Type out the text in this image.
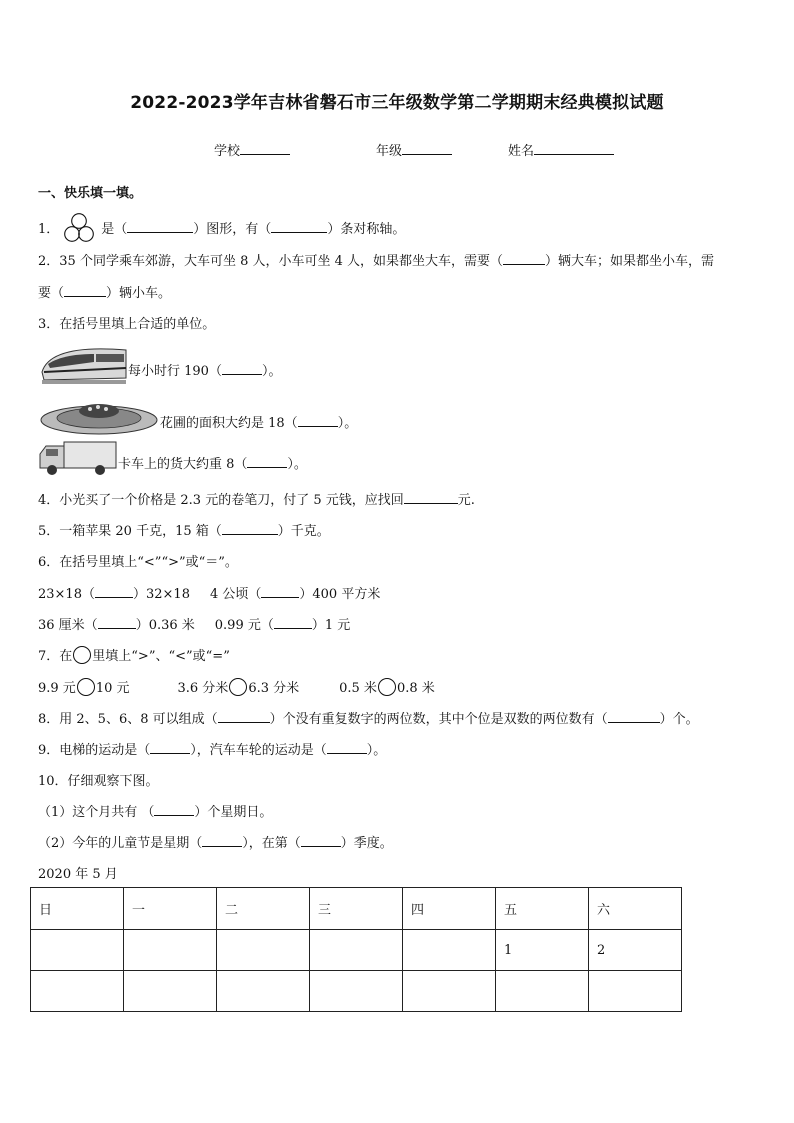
2022-2023学年吉林省磐石市三年级数学第二学期期末经典模拟试题
学校	年级	姓名
一、快乐填一填。
1．	是（	）图形，有（	）条对称轴。
2．35 个同学乘车郊游，大车可坐 8 人，小车可坐 4 人，如果都坐大车，需要（	）辆大车；如果都坐小车，需
要（	）辆小车。
3．在括号里填上合适的单位。
每小时行 190（	）。
花圃的面积大约是 18（	）。
卡车上的货大约重 8（	）。
4．小光买了一个价格是 2.3 元的卷笔刀，付了 5 元钱，应找回	元.
5．一箱苹果 20 千克，15 箱（	）千克。
6．在括号里填上“<”“>”或“＝”。
23×18（	）32×18 4 公顷（	）400 平方米
36 厘米（	）0.36 米 0.99 元（	）1 元
7．在 里填上“>”、“<”或“=”
9.9 元 10 元	3.6 分米 6.3 分米	0.5 米 0.8 米
8．用 2、5、6、8 可以组成（	）个没有重复数字的两位数，其中个位是双数的两位数有（	）个。
9．电梯的运动是（	），汽车车轮的运动是（	）。
10．仔细观察下图。
（1）这个月共有 （	）个星期日。
（2）今年的儿童节是星期（	），在第（	）季度。
2020 年 5 月
日	一	二	三	四	五	六
					1	2
